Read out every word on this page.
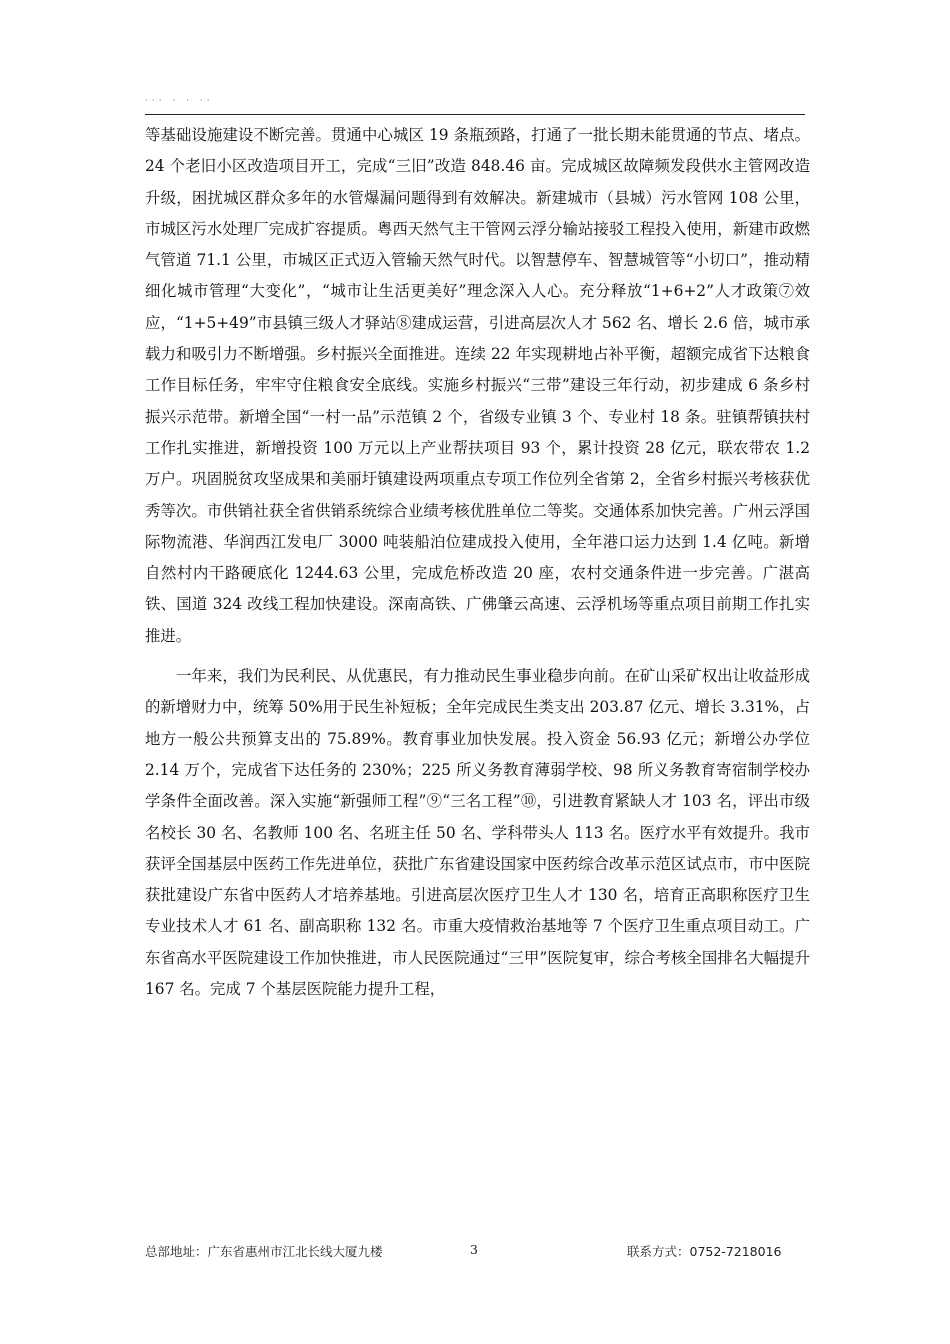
··· · · ··

等基础设施建设不断完善。贯通中心城区 19 条瓶颈路，打通了一批长期未能贯通的节点、堵点。24 个老旧小区改造项目开工，完成“三旧”改造 848.46 亩。完成城区故障频发段供水主管网改造升级，困扰城区群众多年的水管爆漏问题得到有效解决。新建城市（县城）污水管网 108 公里，市城区污水处理厂完成扩容提质。粤西天然气主干管网云浮分输站接驳工程投入使用，新建市政燃气管道 71.1 公里，市城区正式迈入管输天然气时代。以智慧停车、智慧城管等“小切口”，推动精细化城市管理“大变化”，“城市让生活更美好”理念深入人心。充分释放“1+6+2”人才政策⑦效应，“1+5+49”市县镇三级人才驿站⑧建成运营，引进高层次人才 562 名、增长 2.6 倍，城市承载力和吸引力不断增强。乡村振兴全面推进。连续 22 年实现耕地占补平衡，超额完成省下达粮食工作目标任务，牢牢守住粮食安全底线。实施乡村振兴“三带”建设三年行动，初步建成 6 条乡村振兴示范带。新增全国“一村一品”示范镇 2 个，省级专业镇 3 个、专业村 18 条。驻镇帮镇扶村工作扎实推进，新增投资 100 万元以上产业帮扶项目 93 个，累计投资 28 亿元，联农带农 1.2 万户。巩固脱贫攻坚成果和美丽圩镇建设两项重点专项工作位列全省第 2，全省乡村振兴考核获优秀等次。市供销社获全省供销系统综合业绩考核优胜单位二等奖。交通体系加快完善。广州云浮国际物流港、华润西江发电厂 3000 吨装船泊位建成投入使用，全年港口运力达到 1.4 亿吨。新增自然村内干路硬底化 1244.63 公里，完成危桥改造 20 座，农村交通条件进一步完善。广湛高铁、国道 324 改线工程加快建设。深南高铁、广佛肇云高速、云浮机场等重点项目前期工作扎实推进。

一年来，我们为民利民、从优惠民，有力推动民生事业稳步向前。在矿山采矿权出让收益形成的新增财力中，统筹 50%用于民生补短板；全年完成民生类支出 203.87 亿元、增长 3.31%，占地方一般公共预算支出的 75.89%。教育事业加快发展。投入资金 56.93 亿元；新增公办学位 2.14 万个，完成省下达任务的 230%；225 所义务教育薄弱学校、98 所义务教育寄宿制学校办学条件全面改善。深入实施“新强师工程”⑨“三名工程”⑩，引进教育紧缺人才 103 名，评出市级名校长 30 名、名教师 100 名、名班主任 50 名、学科带头人 113 名。医疗水平有效提升。我市获评全国基层中医药工作先进单位，获批广东省建设国家中医药综合改革示范区试点市，市中医院获批建设广东省中医药人才培养基地。引进高层次医疗卫生人才 130 名，培育正高职称医疗卫生专业技术人才 61 名、副高职称 132 名。市重大疫情救治基地等 7 个医疗卫生重点项目动工。广东省高水平医院建设工作加快推进，市人民医院通过“三甲”医院复审，综合考核全国排名大幅提升 167 名。完成 7 个基层医院能力提升工程，

总部地址：广东省惠州市江北长线大厦九楼	3	联系方式：0752-7218016
